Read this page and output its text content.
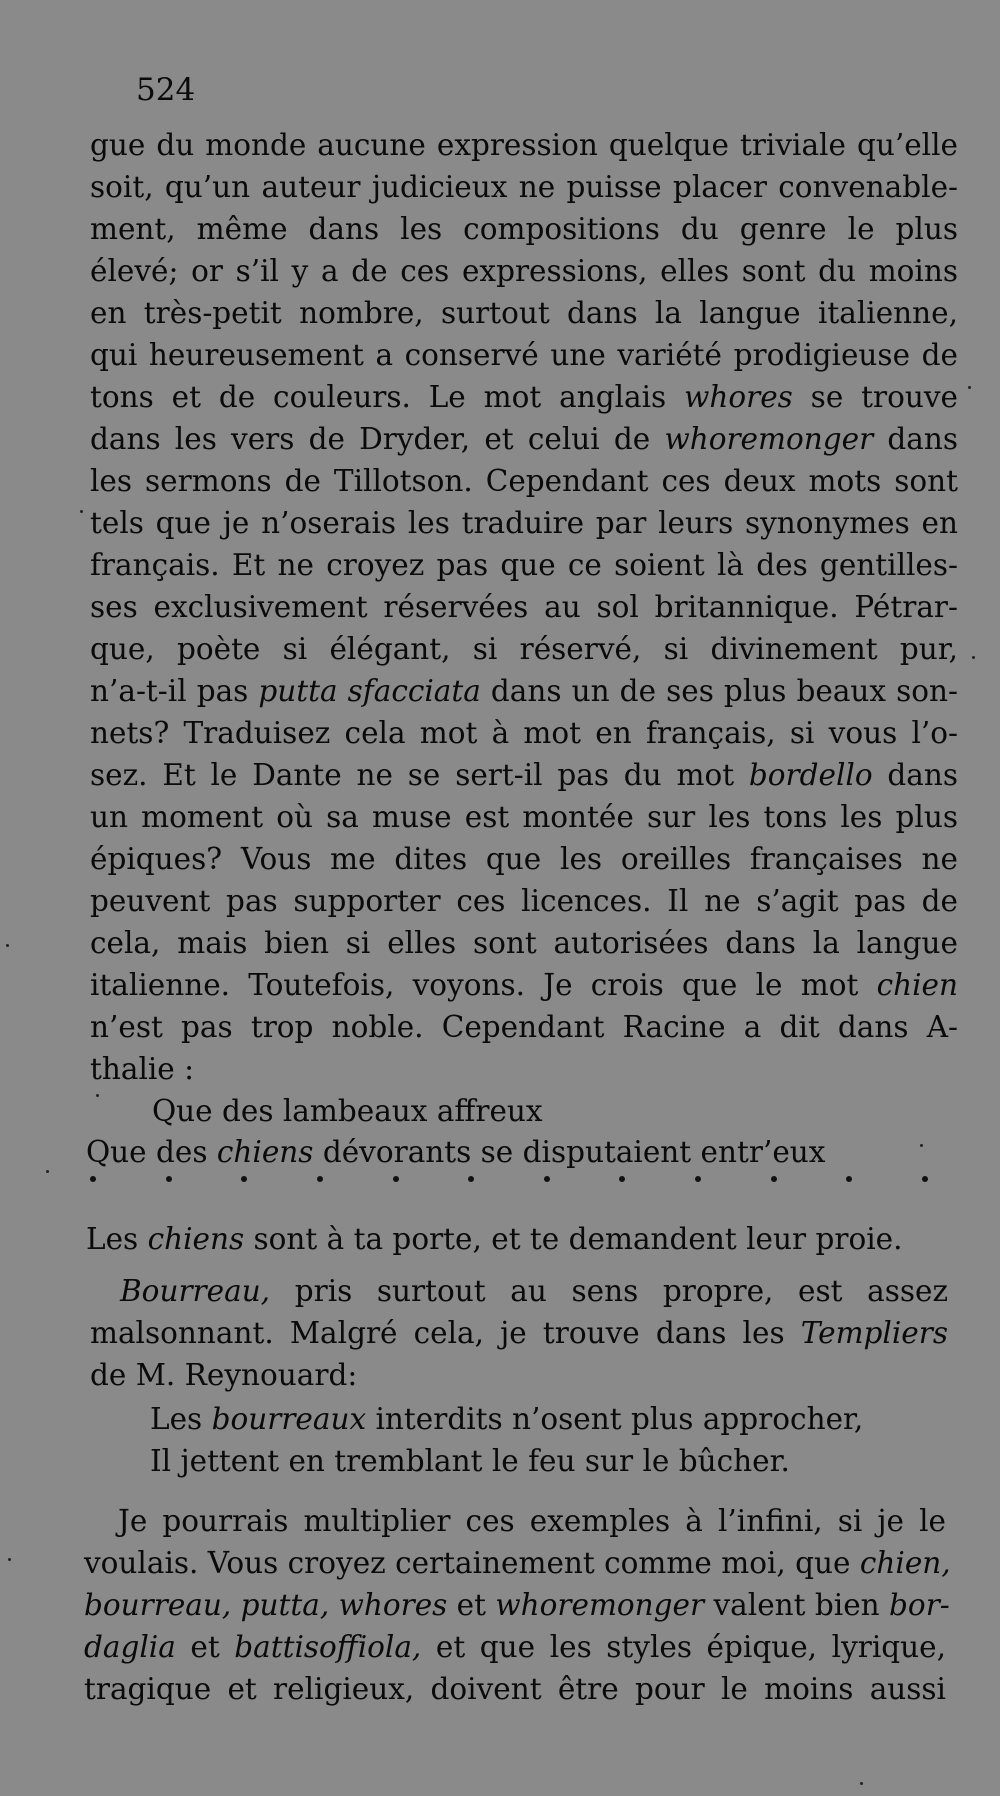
524
gue du monde aucune expression quelque triviale qu’elle
soit, qu’un auteur judicieux ne puisse placer convenable-
ment, même dans les compositions du genre le plus
élevé; or s’il y a de ces expressions, elles sont du moins
en très-petit nombre, surtout dans la langue italienne,
qui heureusement a conservé une variété prodigieuse de
tons et de couleurs. Le mot anglais whores se trouve
dans les vers de Dryder, et celui de whoremonger dans
les sermons de Tillotson. Cependant ces deux mots sont
tels que je n’oserais les traduire par leurs synonymes en
français. Et ne croyez pas que ce soient là des gentilles-
ses exclusivement réservées au sol britannique. Pétrar-
que, poète si élégant, si réservé, si divinement pur,
n’a-t-il pas putta sfacciata dans un de ses plus beaux son-
nets? Traduisez cela mot à mot en français, si vous l’o-
sez. Et le Dante ne se sert-il pas du mot bordello dans
un moment où sa muse est montée sur les tons les plus
épiques? Vous me dites que les oreilles françaises ne
peuvent pas supporter ces licences. Il ne s’agit pas de
cela, mais bien si elles sont autorisées dans la langue
italienne. Toutefois, voyons. Je crois que le mot chien
n’est pas trop noble. Cependant Racine a dit dans A-
thalie :
Que des lambeaux affreux
Que des chiens dévorants se disputaient entr’eux
Les chiens sont à ta porte, et te demandent leur proie.
Bourreau, pris surtout au sens propre, est assez
malsonnant. Malgré cela, je trouve dans les Templiers
de M. Reynouard:
Les bourreaux interdits n’osent plus approcher,
Il jettent en tremblant le feu sur le bûcher.
Je pourrais multiplier ces exemples à l’infini, si je le
voulais. Vous croyez certainement comme moi, que chien,
bourreau, putta, whores et whoremonger valent bien bor-
daglia et battisoffiola, et que les styles épique, lyrique,
tragique et religieux, doivent être pour le moins aussi
